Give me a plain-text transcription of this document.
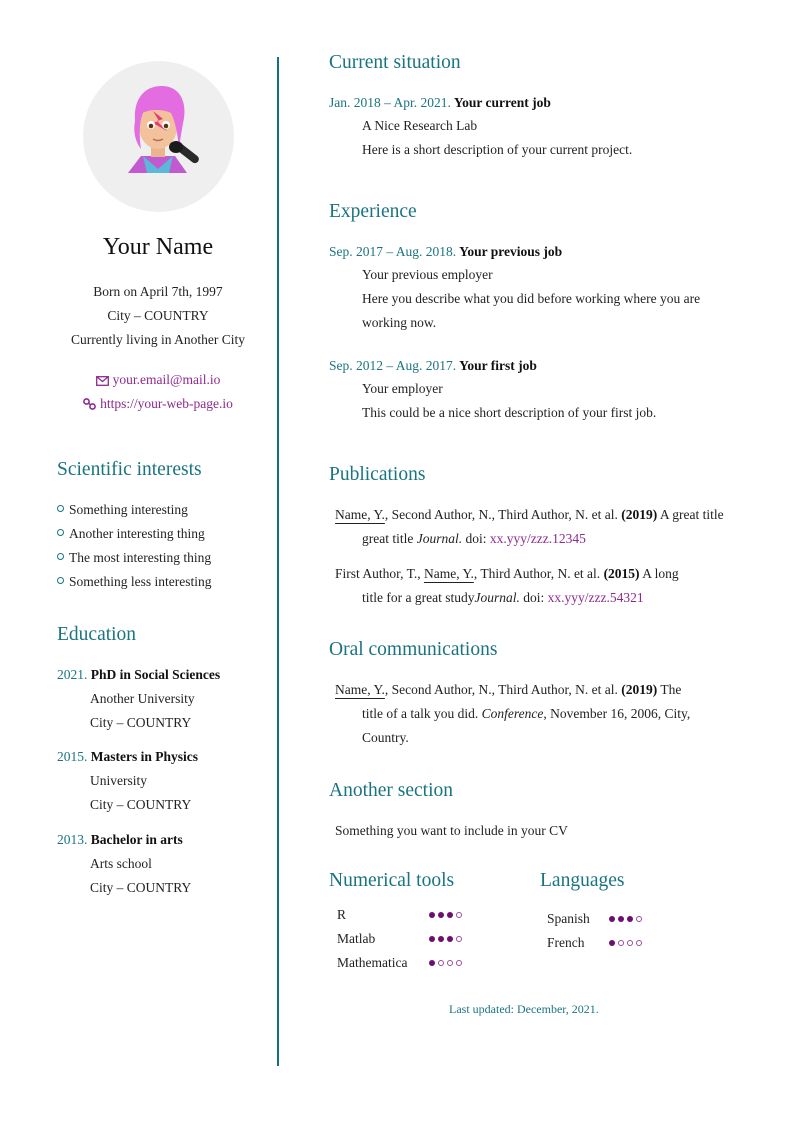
Your Name
Born on April 7th, 1997
City – COUNTRY
Currently living in Another City
your.email@mail.io
https://your-web-page.io
Scientific interests
Something interesting
Another interesting thing
The most interesting thing
Something less interesting
Education
2021. PhD in Social Sciences
Another University
City – COUNTRY
2015. Masters in Physics
University
City – COUNTRY
2013. Bachelor in arts
Arts school
City – COUNTRY
Current situation
Jan. 2018 – Apr. 2021. Your current job
A Nice Research Lab
Here is a short description of your current project.
Experience
Sep. 2017 – Aug. 2018. Your previous job
Your previous employer
Here you describe what you did before working where you are working now.
Sep. 2012 – Aug. 2017. Your first job
Your employer
This could be a nice short description of your first job.
Publications
Name, Y., Second Author, N., Third Author, N. et al. (2019) A great title
great title Journal. doi: xx.yyy/zzz.12345
First Author, T., Name, Y., Third Author, N. et al. (2015) A long
title for a great studyJournal. doi: xx.yyy/zzz.54321
Oral communications
Name, Y., Second Author, N., Third Author, N. et al. (2019) The
title of a talk you did. Conference, November 16, 2006, City,
Country.
Another section
Something you want to include in your CV
Numerical tools
R
Matlab
Mathematica
Languages
Spanish
French
Last updated: December, 2021.
